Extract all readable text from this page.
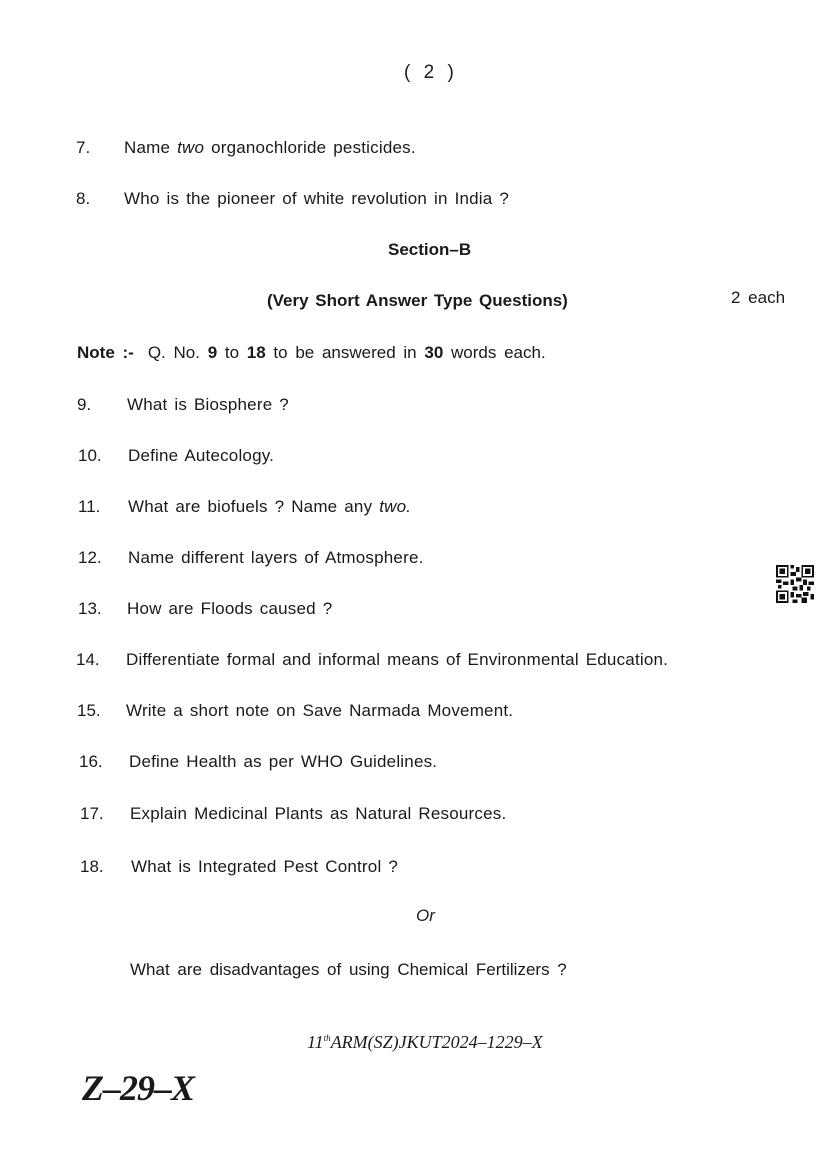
( 2 )
7. Name two organochloride pesticides.
8. Who is the pioneer of white revolution in India ?
Section–B
(Very Short Answer Type Questions)	2 each
Note :- Q. No. 9 to 18 to be answered in 30 words each.
9. What is Biosphere ?
10. Define Autecology.
11. What are biofuels ? Name any two.
12. Name different layers of Atmosphere.
13. How are Floods caused ?
14. Differentiate formal and informal means of Environmental Education.
15. Write a short note on Save Narmada Movement.
16. Define Health as per WHO Guidelines.
17. Explain Medicinal Plants as Natural Resources.
18. What is Integrated Pest Control ?
Or
What are disadvantages of using Chemical Fertilizers ?
11thARM(SZ)JKUT2024–1229–X
Z–29–X
